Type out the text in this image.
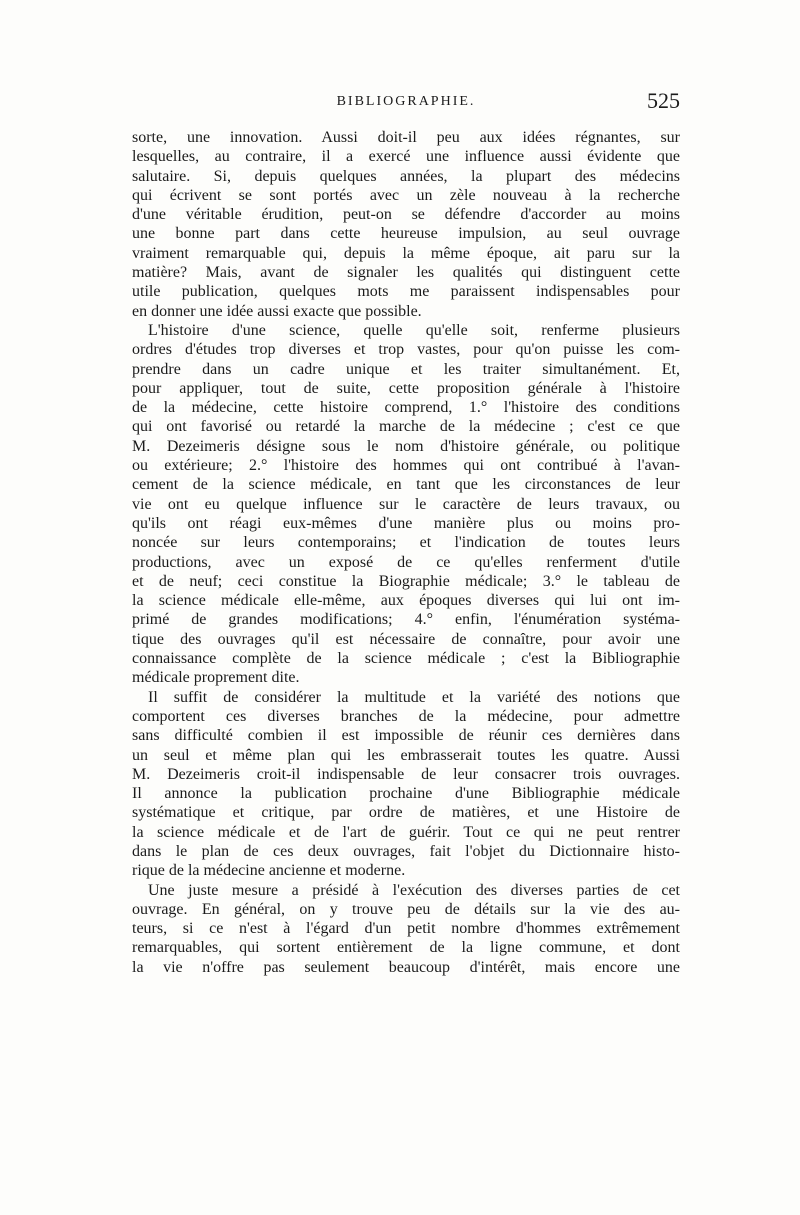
BIBLIOGRAPHIE.	525
sorte, une innovation. Aussi doit-il peu aux idées régnantes, sur
lesquelles, au contraire, il a exercé une influence aussi évidente que
salutaire. Si, depuis quelques années, la plupart des médecins
qui écrivent se sont portés avec un zèle nouveau à la recherche
d'une véritable érudition, peut-on se défendre d'accorder au moins
une bonne part dans cette heureuse impulsion, au seul ouvrage
vraiment remarquable qui, depuis la même époque, ait paru sur la
matière? Mais, avant de signaler les qualités qui distinguent cette
utile publication, quelques mots me paraissent indispensables pour
en donner une idée aussi exacte que possible.
L'histoire d'une science, quelle qu'elle soit, renferme plusieurs
ordres d'études trop diverses et trop vastes, pour qu'on puisse les com-
prendre dans un cadre unique et les traiter simultanément. Et,
pour appliquer, tout de suite, cette proposition générale à l'histoire
de la médecine, cette histoire comprend, 1.° l'histoire des conditions
qui ont favorisé ou retardé la marche de la médecine ; c'est ce que
M. Dezeimeris désigne sous le nom d'histoire générale, ou politique
ou extérieure; 2.° l'histoire des hommes qui ont contribué à l'avan-
cement de la science médicale, en tant que les circonstances de leur
vie ont eu quelque influence sur le caractère de leurs travaux, ou
qu'ils ont réagi eux-mêmes d'une manière plus ou moins pro-
noncée sur leurs contemporains; et l'indication de toutes leurs
productions, avec un exposé de ce qu'elles renferment d'utile
et de neuf; ceci constitue la Biographie médicale; 3.° le tableau de
la science médicale elle-même, aux époques diverses qui lui ont im-
primé de grandes modifications; 4.° enfin, l'énumération systéma-
tique des ouvrages qu'il est nécessaire de connaître, pour avoir une
connaissance complète de la science médicale ; c'est la Bibliographie
médicale proprement dite.
Il suffit de considérer la multitude et la variété des notions que
comportent ces diverses branches de la médecine, pour admettre
sans difficulté combien il est impossible de réunir ces dernières dans
un seul et même plan qui les embrasserait toutes les quatre. Aussi
M. Dezeimeris croit-il indispensable de leur consacrer trois ouvrages.
Il annonce la publication prochaine d'une Bibliographie médicale
systématique et critique, par ordre de matières, et une Histoire de
la science médicale et de l'art de guérir. Tout ce qui ne peut rentrer
dans le plan de ces deux ouvrages, fait l'objet du Dictionnaire histo-
rique de la médecine ancienne et moderne.
Une juste mesure a présidé à l'exécution des diverses parties de cet
ouvrage. En général, on y trouve peu de détails sur la vie des au-
teurs, si ce n'est à l'égard d'un petit nombre d'hommes extrêmement
remarquables, qui sortent entièrement de la ligne commune, et dont
la vie n'offre pas seulement beaucoup d'intérêt, mais encore une
